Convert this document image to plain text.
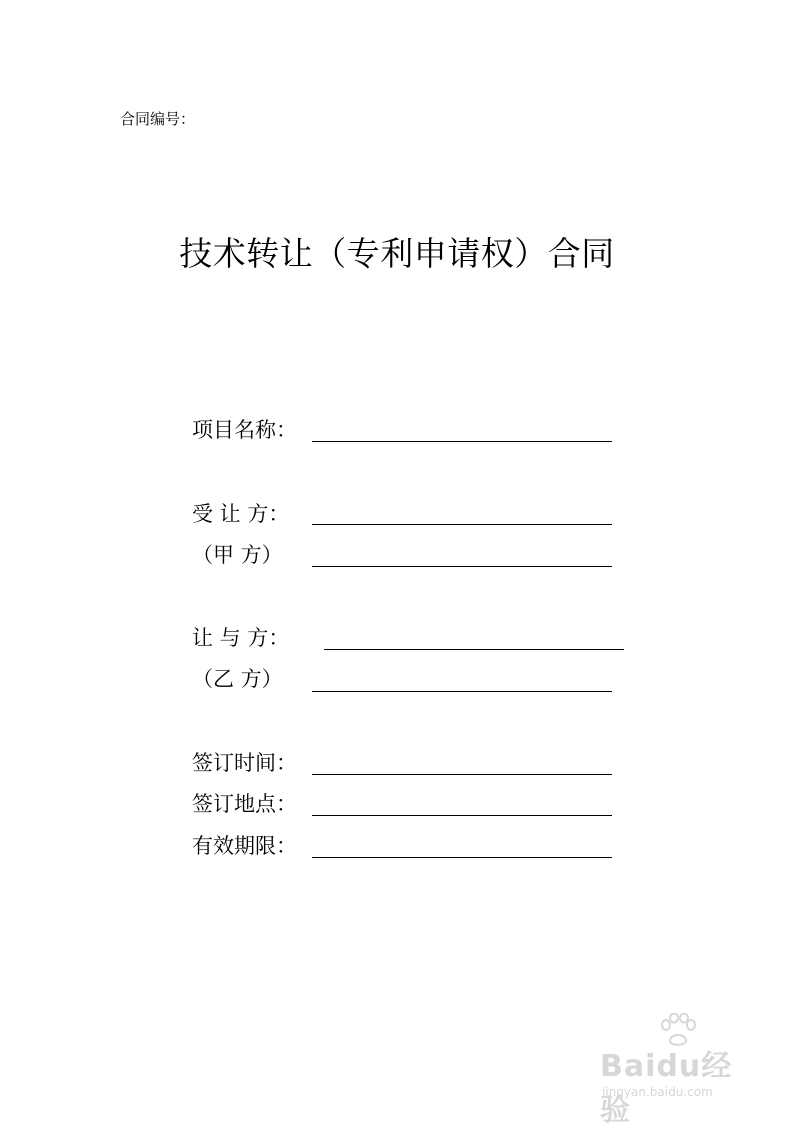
合同编号：
技术转让（专利申请权）合同
项目名称：
受 让 方：
（甲 方）
让 与 方：
（乙 方）
签订时间：
签订地点：
有效期限：
Baidu经验
jingyan.baidu.com
